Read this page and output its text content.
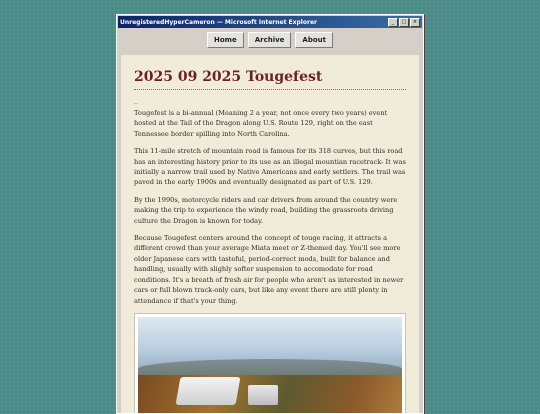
UnregisteredHyperCameron — Microsoft Internet Explorer	_	□	×
Home	Archive	About
2025 09 2025 Tougefest
_

Tougefest is a bi-annual (Meaning 2 a year, not once every two years) event hosted at the Tail of the Dragon along U.S. Route 129, right on the east Tennessee border spilling into North Carolina.

This 11-mile stretch of mountain road is famous for its 318 curves, but this road has an interesting history prior to its use as an illegal mountian racetrack- It was initially a narrow trail used by Native Americans and early settlers. The trail was paved in the early 1900s and eventually designated as part of U.S. 129.

By the 1990s, motorcycle riders and car drivers from around the country were making the trip to experience the windy road, building the grassroots driving culture the Dragon is known for today.

Because Tougefest centers around the concept of touge racing, it attracts a different crowd than your average Miata meet or Z-themed day. You'll see more older Japanese cars with tasteful, period-correct mods, built for balance and handling, usually with slighly softer suspension to accomodate for road conditions. It's a breath of fresh air for people who aren't as interested in newer cars or full blown track-only cars, but like any event there are still plenty in attendance if that's your thing.
